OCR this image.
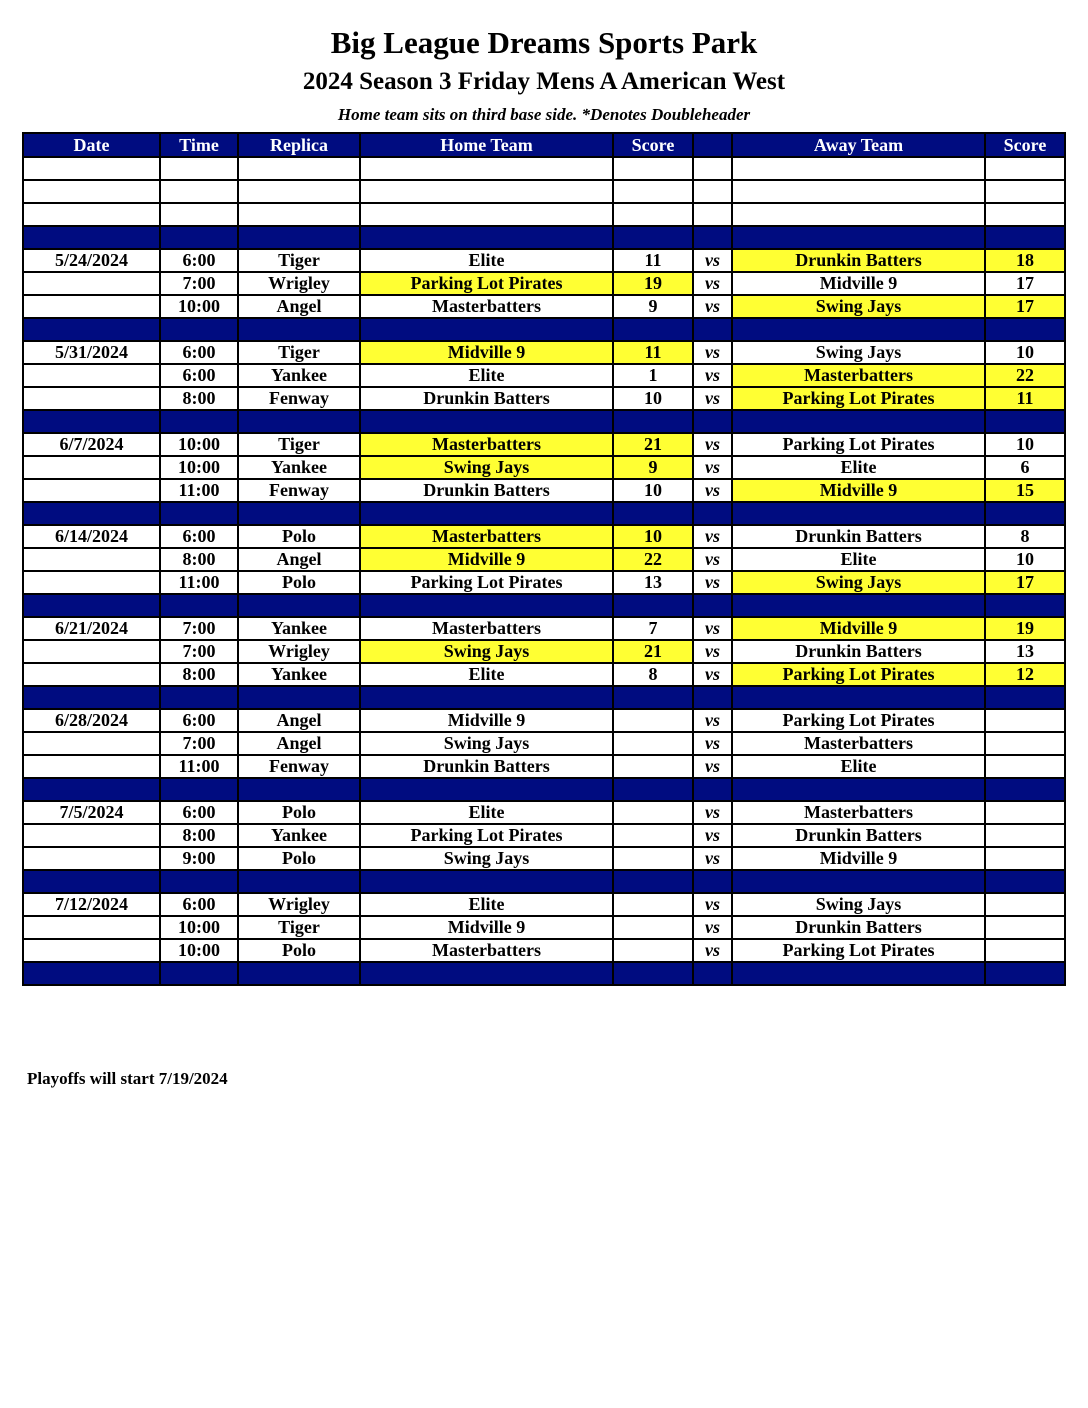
Big League Dreams Sports Park
2024 Season 3 Friday Mens A American West
Home team sits on third base side. *Denotes Doubleheader
Date	Time	Replica	Home Team	Score		Away Team	Score

5/24/2024	6:00	Tiger	Elite	11	vs	Drunkin Batters	18
	7:00	Wrigley	Parking Lot Pirates	19	vs	Midville 9	17
	10:00	Angel	Masterbatters	9	vs	Swing Jays	17

5/31/2024	6:00	Tiger	Midville 9	11	vs	Swing Jays	10
	6:00	Yankee	Elite	1	vs	Masterbatters	22
	8:00	Fenway	Drunkin Batters	10	vs	Parking Lot Pirates	11

6/7/2024	10:00	Tiger	Masterbatters	21	vs	Parking Lot Pirates	10
	10:00	Yankee	Swing Jays	9	vs	Elite	6
	11:00	Fenway	Drunkin Batters	10	vs	Midville 9	15

6/14/2024	6:00	Polo	Masterbatters	10	vs	Drunkin Batters	8
	8:00	Angel	Midville 9	22	vs	Elite	10
	11:00	Polo	Parking Lot Pirates	13	vs	Swing Jays	17

6/21/2024	7:00	Yankee	Masterbatters	7	vs	Midville 9	19
	7:00	Wrigley	Swing Jays	21	vs	Drunkin Batters	13
	8:00	Yankee	Elite	8	vs	Parking Lot Pirates	12

6/28/2024	6:00	Angel	Midville 9		vs	Parking Lot Pirates	
	7:00	Angel	Swing Jays		vs	Masterbatters	
	11:00	Fenway	Drunkin Batters		vs	Elite	

7/5/2024	6:00	Polo	Elite		vs	Masterbatters	
	8:00	Yankee	Parking Lot Pirates		vs	Drunkin Batters	
	9:00	Polo	Swing Jays		vs	Midville 9	

7/12/2024	6:00	Wrigley	Elite		vs	Swing Jays	
	10:00	Tiger	Midville 9		vs	Drunkin Batters	
	10:00	Polo	Masterbatters		vs	Parking Lot Pirates	

Playoffs will start 7/19/2024
